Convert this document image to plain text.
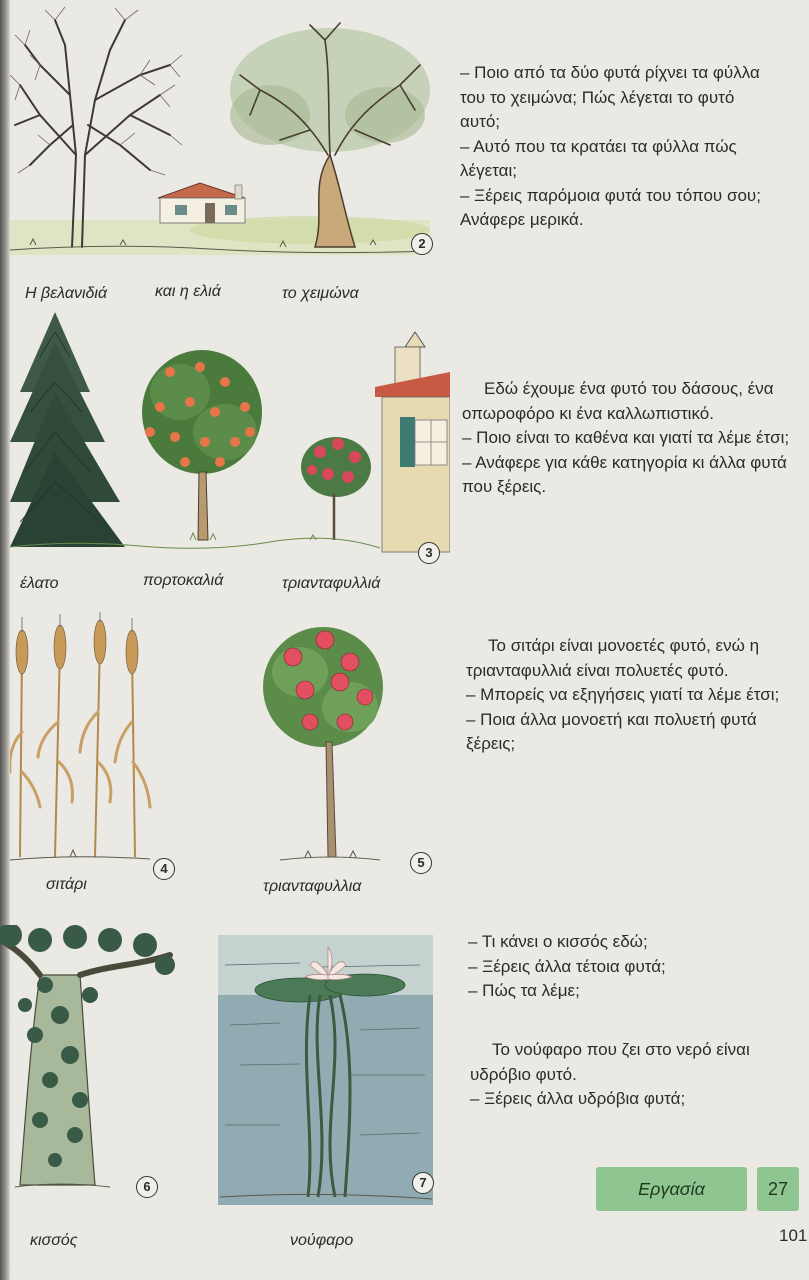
2
Η βελανιδιά	και η ελιά	το χειμώνα

– Ποιο από τα δύο φυτά ρίχνει τα φύλλα του το χειμώνα; Πώς λέγεται το φυτό αυτό;

– Αυτό που τα κρατάει τα φύλλα πώς λέγεται;

– Ξέρεις παρόμοια φυτά του τόπου σου; Ανάφερε μερικά.

3
έλατο	πορτοκαλιά	τριανταφυλλιά

Εδώ έχουμε ένα φυτό του δάσους, ένα οπωροφόρο κι ένα καλλωπιστικό.

– Ποιο είναι το καθένα και γιατί τα λέμε έτσι;

– Ανάφερε για κάθε κατηγορία κι άλλα φυτά που ξέρεις.

4	5
σιτάρι	τριανταφυλλια

Το σιτάρι είναι μονοετές φυτό, ενώ η τριανταφυλλιά είναι πολυετές φυτό.

– Μπορείς να εξηγήσεις γιατί τα λέμε έτσι;

– Ποια άλλα μονοετή και πολυετή φυτά ξέρεις;

6	7
κισσός	νούφαρο

– Τι κάνει ο κισσός εδώ;

– Ξέρεις άλλα τέτοια φυτά;

– Πώς τα λέμε;

Το νούφαρο που ζει στο νερό είναι υδρόβιο φυτό.

– Ξέρεις άλλα υδρόβια φυτά;

Εργασία	27
101
